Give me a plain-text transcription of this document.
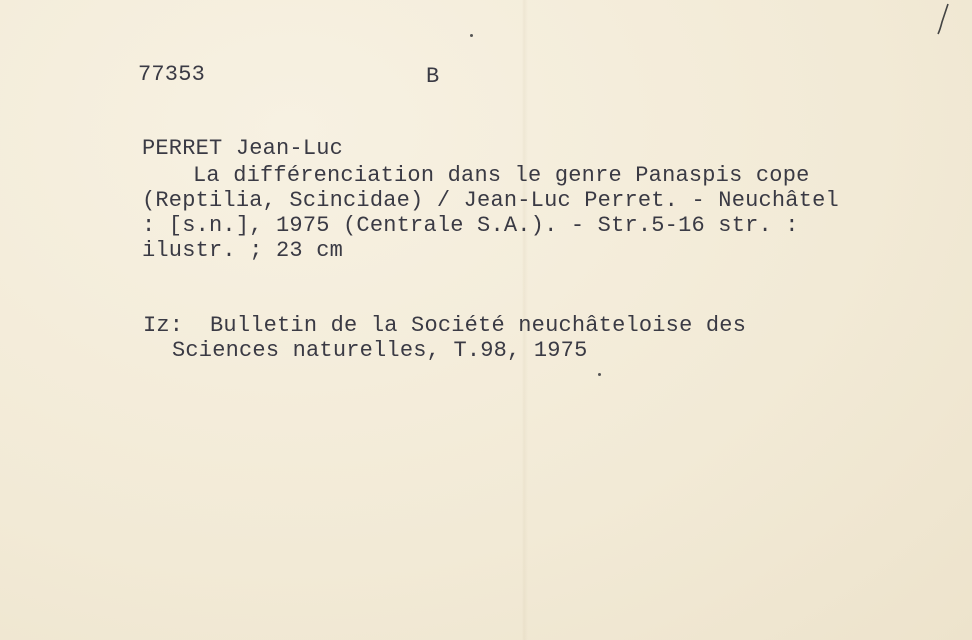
77353	B
PERRET Jean-Luc
La différenciation dans le genre Panaspis cope
(Reptilia, Scincidae) / Jean-Luc Perret. - Neuchâtel
: [s.n.], 1975 (Centrale S.A.). - Str.5-16 str. :
ilustr. ; 23 cm
Iz:  Bulletin de la Société neuchâteloise des
Sciences naturelles, T.98, 1975
